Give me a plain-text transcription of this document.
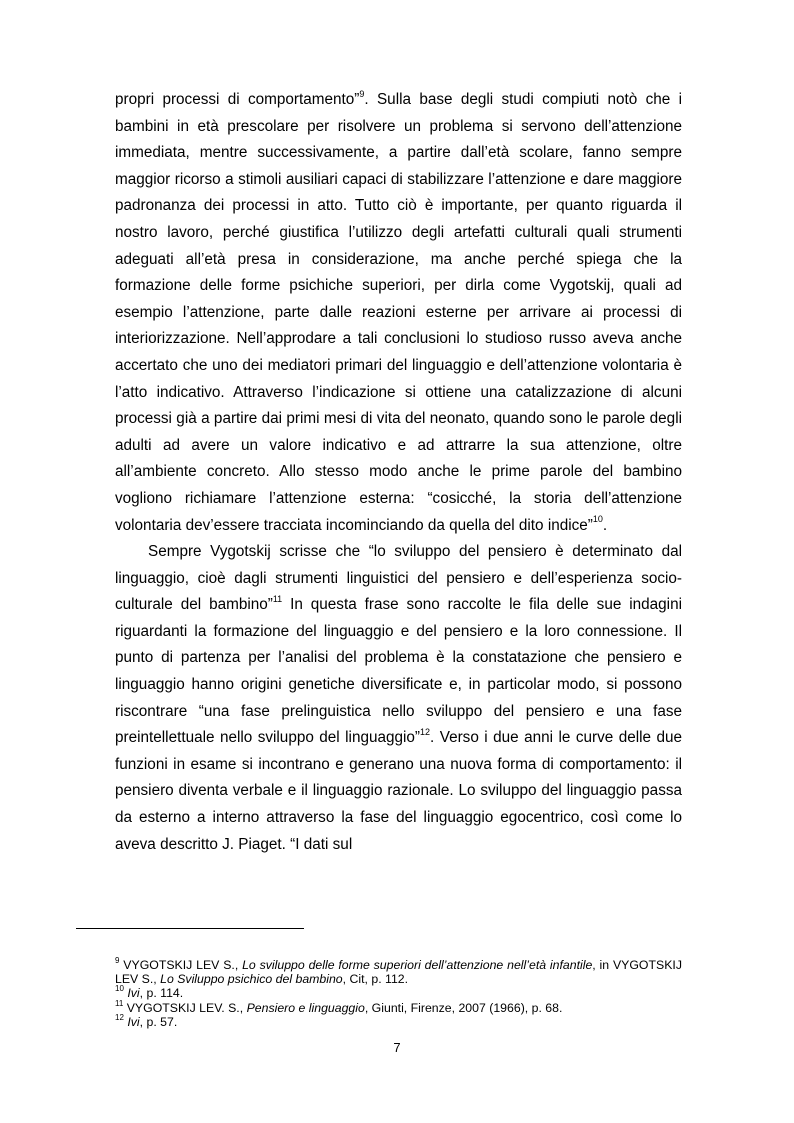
propri processi di comportamento”$^9$. Sulla base degli studi compiuti notò che i bambini in età prescolare per risolvere un problema si servono dell’attenzione immediata, mentre successivamente, a partire dall’età scolare, fanno sempre maggior ricorso a stimoli ausiliari capaci di stabilizzare l’attenzione e dare maggiore padronanza dei processi in atto. Tutto ciò è importante, per quanto riguarda il nostro lavoro, perché giustifica l’utilizzo degli artefatti culturali quali strumenti adeguati all’età presa in considerazione, ma anche perché spiega che la formazione delle forme psichiche superiori, per dirla come Vygotskij, quali ad esempio l’attenzione, parte dalle reazioni esterne per arrivare ai processi di interiorizzazione. Nell’approdare a tali conclusioni lo studioso russo aveva anche accertato che uno dei mediatori primari del linguaggio e dell’attenzione volontaria è l’atto indicativo. Attraverso l’indicazione si ottiene una catalizzazione di alcuni processi già a partire dai primi mesi di vita del neonato, quando sono le parole degli adulti ad avere un valore indicativo e ad attrarre la sua attenzione, oltre all’ambiente concreto. Allo stesso modo anche le prime parole del bambino vogliono richiamare l’attenzione esterna: “cosicché, la storia dell’attenzione volontaria dev’essere tracciata incominciando da quella del dito indice”$^{10}$.

Sempre Vygotskij scrisse che “lo sviluppo del pensiero è determinato dal linguaggio, cioè dagli strumenti linguistici del pensiero e dell’esperienza socio-culturale del bambino”$^{11}$ In questa frase sono raccolte le fila delle sue indagini riguardanti la formazione del linguaggio e del pensiero e la loro connessione. Il punto di partenza per l’analisi del problema è la constatazione che pensiero e linguaggio hanno origini genetiche diversificate e, in particolar modo, si possono riscontrare “una fase prelinguistica nello sviluppo del pensiero e una fase preintellettuale nello sviluppo del linguaggio”$^{12}$. Verso i due anni le curve delle due funzioni in esame si incontrano e generano una nuova forma di comportamento: il pensiero diventa verbale e il linguaggio razionale. Lo sviluppo del linguaggio passa da esterno a interno attraverso la fase del linguaggio egocentrico, così come lo aveva descritto J. Piaget. “I dati sul

$^9$ VYGOTSKIJ LEV S., Lo sviluppo delle forme superiori dell’attenzione nell’età infantile, in VYGOTSKIJ LEV S., Lo Sviluppo psichico del bambino, Cit, p. 112.

$^{10}$ Ivi, p. 114.

$^{11}$ VYGOTSKIJ LEV. S., Pensiero e linguaggio, Giunti, Firenze, 2007 (1966), p. 68.

$^{12}$ Ivi, p. 57.

7
